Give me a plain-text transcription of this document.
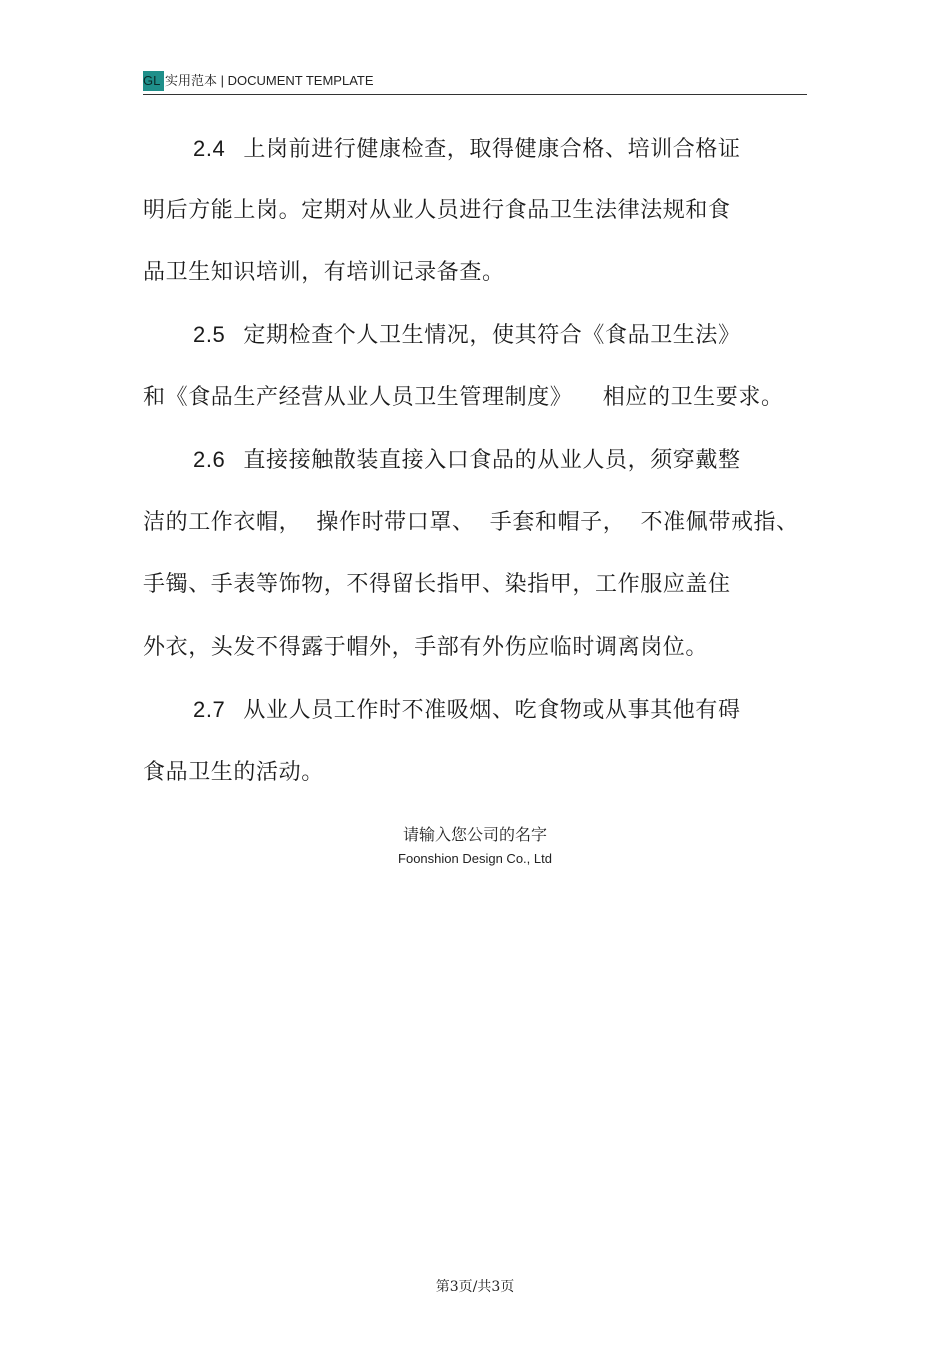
GL 实用范本 | DOCUMENT TEMPLATE
2.4 上岗前进行健康检查，取得健康合格、培训合格证
明后方能上岗。定期对从业人员进行食品卫生法律法规和食
品卫生知识培训，有培训记录备查。
2.5 定期检查个人卫生情况，使其符合《食品卫生法》
和《食品生产经营从业人员卫生管理制度》    相应的卫生要求。
2.6 直接接触散装直接入口食品的从业人员，须穿戴整
洁的工作衣帽，  操作时带口罩、  手套和帽子，  不准佩带戒指、
手镯、手表等饰物，不得留长指甲、染指甲，工作服应盖住
外衣，头发不得露于帽外，手部有外伤应临时调离岗位。
2.7 从业人员工作时不准吸烟、吃食物或从事其他有碍
食品卫生的活动。
请输入您公司的名字
Foonshion Design Co., Ltd
第3页/共3页
